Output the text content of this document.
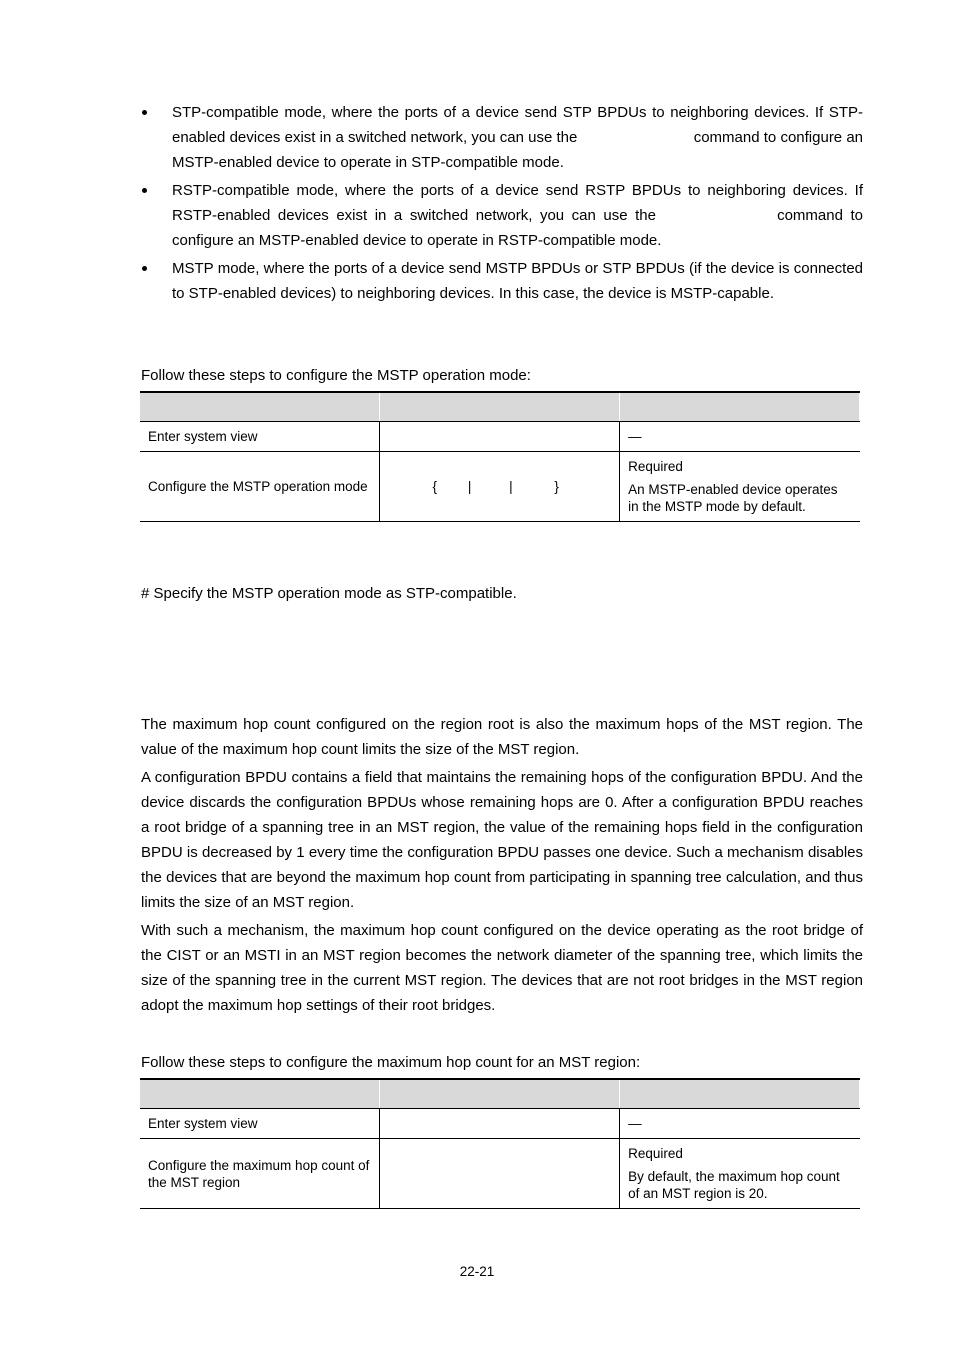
STP-compatible mode, where the ports of a device send STP BPDUs to neighboring devices. If STP-enabled devices exist in a switched network, you can use the	command to configure an MSTP-enabled device to operate in STP-compatible mode.
RSTP-compatible mode, where the ports of a device send RSTP BPDUs to neighboring devices. If RSTP-enabled devices exist in a switched network, you can use the	command to configure an MSTP-enabled device to operate in RSTP-compatible mode.
MSTP mode, where the ports of a device send MSTP BPDUs or STP BPDUs (if the device is connected to STP-enabled devices) to neighboring devices. In this case, the device is MSTP-capable.

Follow these steps to configure the MSTP operation mode:

Enter system view		—
Configure the MSTP operation mode	{ | | }	Required

An MSTP-enabled device operates in the MSTP mode by default.

# Specify the MSTP operation mode as STP-compatible.

The maximum hop count configured on the region root is also the maximum hops of the MST region. The value of the maximum hop count limits the size of the MST region.

A configuration BPDU contains a field that maintains the remaining hops of the configuration BPDU. And the device discards the configuration BPDUs whose remaining hops are 0. After a configuration BPDU reaches a root bridge of a spanning tree in an MST region, the value of the remaining hops field in the configuration BPDU is decreased by 1 every time the configuration BPDU passes one device. Such a mechanism disables the devices that are beyond the maximum hop count from participating in spanning tree calculation, and thus limits the size of an MST region.

With such a mechanism, the maximum hop count configured on the device operating as the root bridge of the CIST or an MSTI in an MST region becomes the network diameter of the spanning tree, which limits the size of the spanning tree in the current MST region. The devices that are not root bridges in the MST region adopt the maximum hop settings of their root bridges.

Follow these steps to configure the maximum hop count for an MST region:

Enter system view		—
Configure the maximum hop count of the MST region		Required

By default, the maximum hop count of an MST region is 20.

22-21
